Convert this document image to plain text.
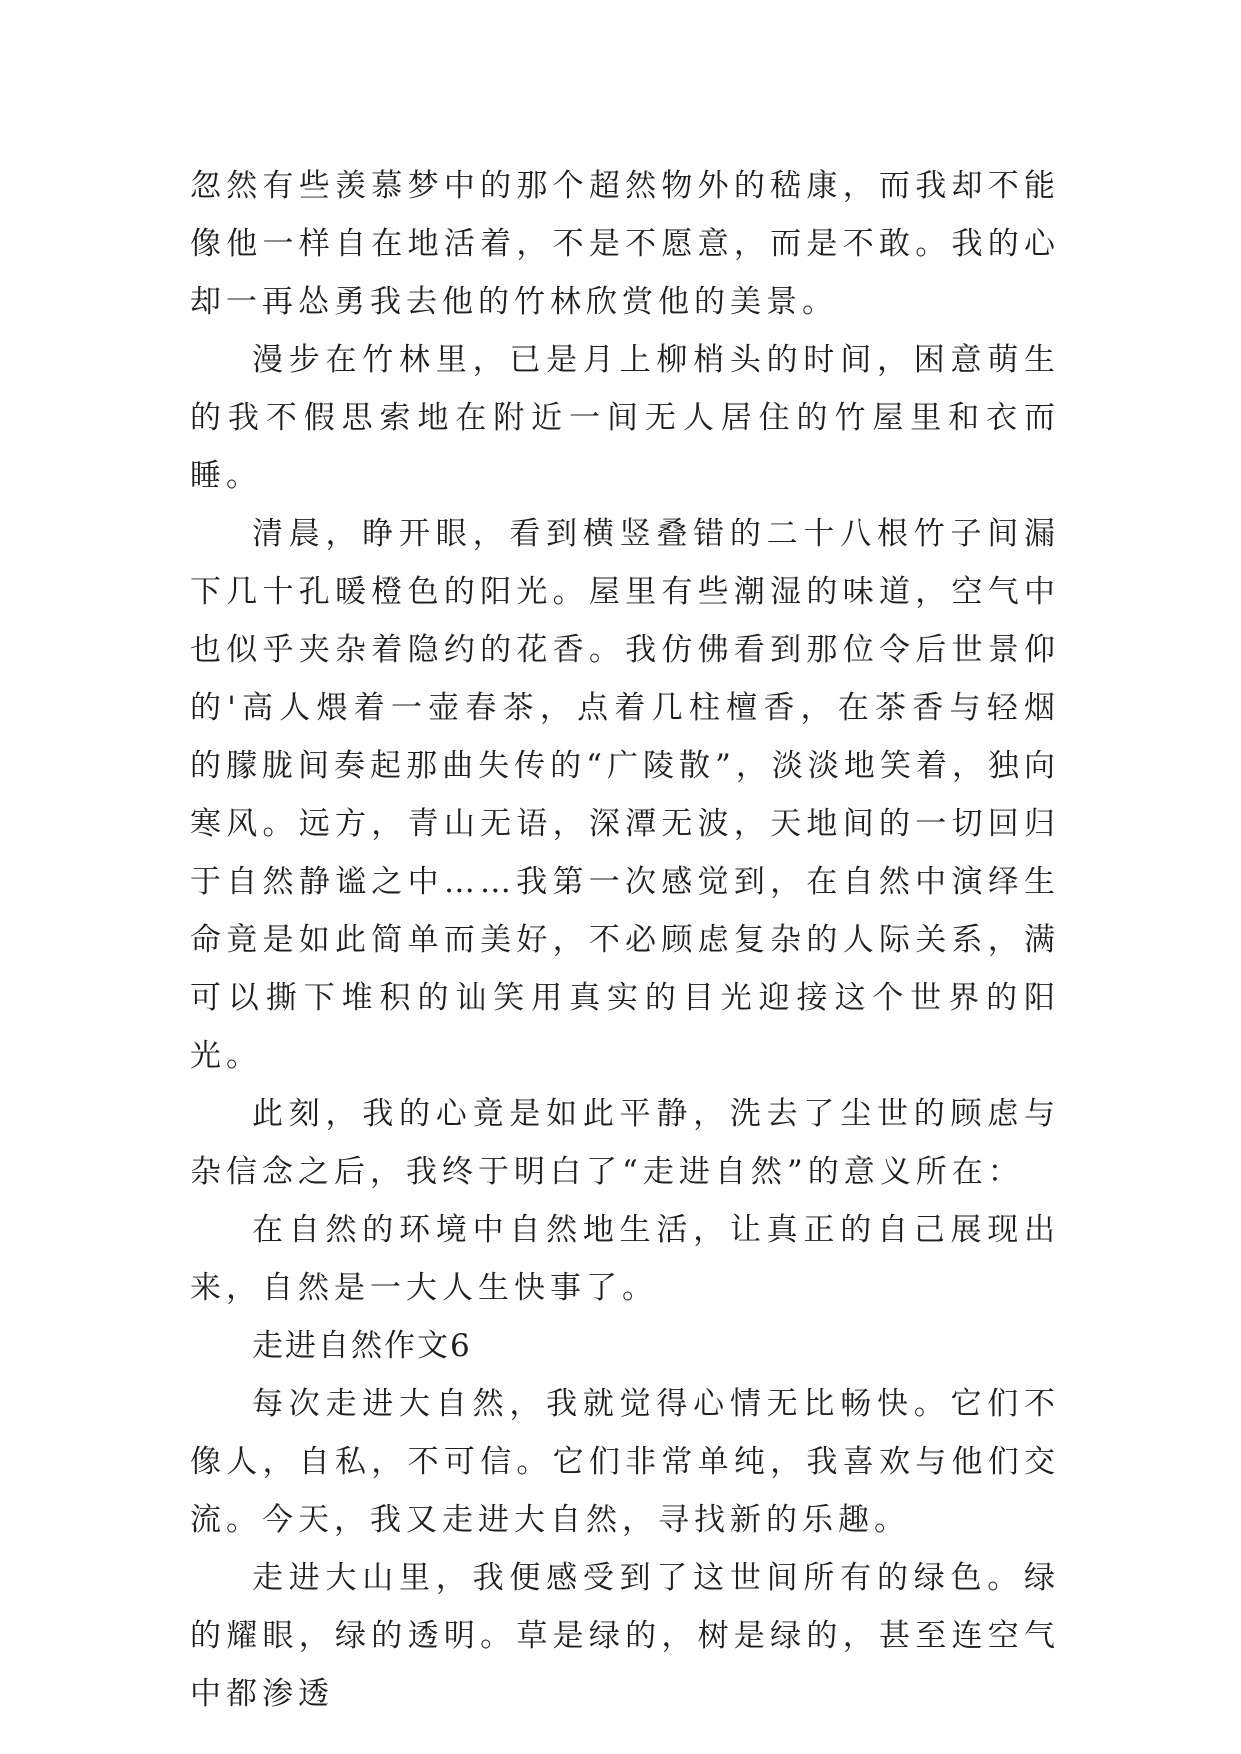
忽然有些羡慕梦中的那个超然物外的嵇康，而我却不能像他一样自在地活着，不是不愿意，而是不敢。我的心却一再怂勇我去他的竹林欣赏他的美景。

漫步在竹林里，已是月上柳梢头的时间，困意萌生的我不假思索地在附近一间无人居住的竹屋里和衣而睡。

清晨，睁开眼，看到横竖叠错的二十八根竹子间漏下几十孔暖橙色的阳光。屋里有些潮湿的味道，空气中也似乎夹杂着隐约的花香。我仿佛看到那位令后世景仰的'高人煨着一壶春茶，点着几柱檀香，在茶香与轻烟的朦胧间奏起那曲失传的“广陵散”，淡淡地笑着，独向寒风。远方，青山无语，深潭无波，天地间的一切回归于自然静谧之中……我第一次感觉到，在自然中演绎生命竟是如此简单而美好，不必顾虑复杂的人际关系，满可以撕下堆积的讪笑用真实的目光迎接这个世界的阳光。

此刻，我的心竟是如此平静，洗去了尘世的顾虑与杂信念之后，我终于明白了“走进自然”的意义所在：

在自然的环境中自然地生活，让真正的自己展现出来，自然是一大人生快事了。

走进自然作文6

每次走进大自然，我就觉得心情无比畅快。它们不像人，自私，不可信。它们非常单纯，我喜欢与他们交流。今天，我又走进大自然，寻找新的乐趣。

走进大山里，我便感受到了这世间所有的绿色。绿的耀眼，绿的透明。草是绿的，树是绿的，甚至连空气中都渗透
